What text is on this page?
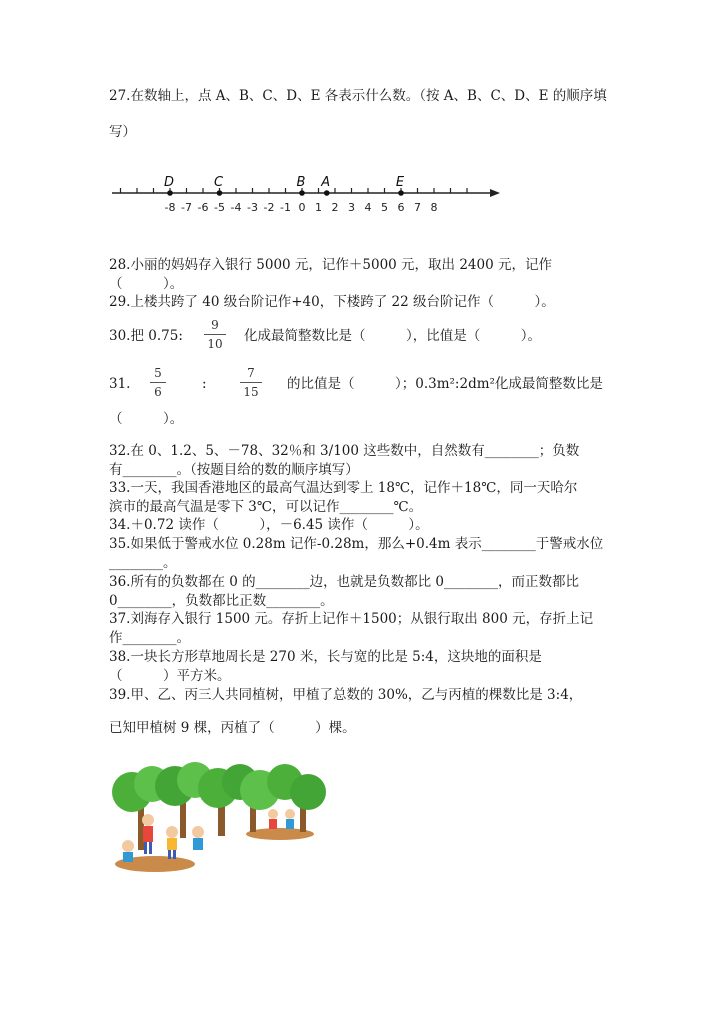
27.在数轴上，点 A、B、C、D、E 各表示什么数。（按 A、B、C、D、E 的顺序填
写）
-8 -7 -6 -5 -4 -3 -2 -1 0 1 2 3 4 5 6 7 8
D	C	B A	E
28.小丽的妈妈存入银行 5000 元，记作＋5000 元，取出 2400 元，记作
（　　　）。
29.上楼共跨了 40 级台阶记作+40，下楼跨了 22 级台阶记作（　　　）。
30.把 0.75:
9
10 化成最简整数比是（　　　），比值是（　　　）。
31.
5
6	:
7
15 的比值是（　　　）；0.3m²:2dm²化成最简整数比是
（　　　）。
32.在 0、1.2、5、－78、32％和 3/100 这些数中，自然数有________；负数
有________。（按题目给的数的顺序填写）
33.一天，我国香港地区的最高气温达到零上 18℃，记作＋18℃，同一天哈尔
滨市的最高气温是零下 3℃，可以记作________℃。
34.＋0.72 读作（　　　），－6.45 读作（　　　）。
35.如果低于警戒水位 0.28m 记作-0.28m，那么+0.4m 表示________于警戒水位
________。
36.所有的负数都在 0 的________边，也就是负数都比 0________，而正数都比
0________，负数都比正数________。
37.刘海存入银行 1500 元。存折上记作＋1500；从银行取出 800 元，存折上记
作________。
38.一块长方形草地周长是 270 米，长与宽的比是 5:4，这块地的面积是
（　　　）平方米。
39.甲、乙、丙三人共同植树，甲植了总数的 30%，乙与丙植的棵数比是 3:4，
已知甲植树 9 棵，丙植了（　　　）棵。
